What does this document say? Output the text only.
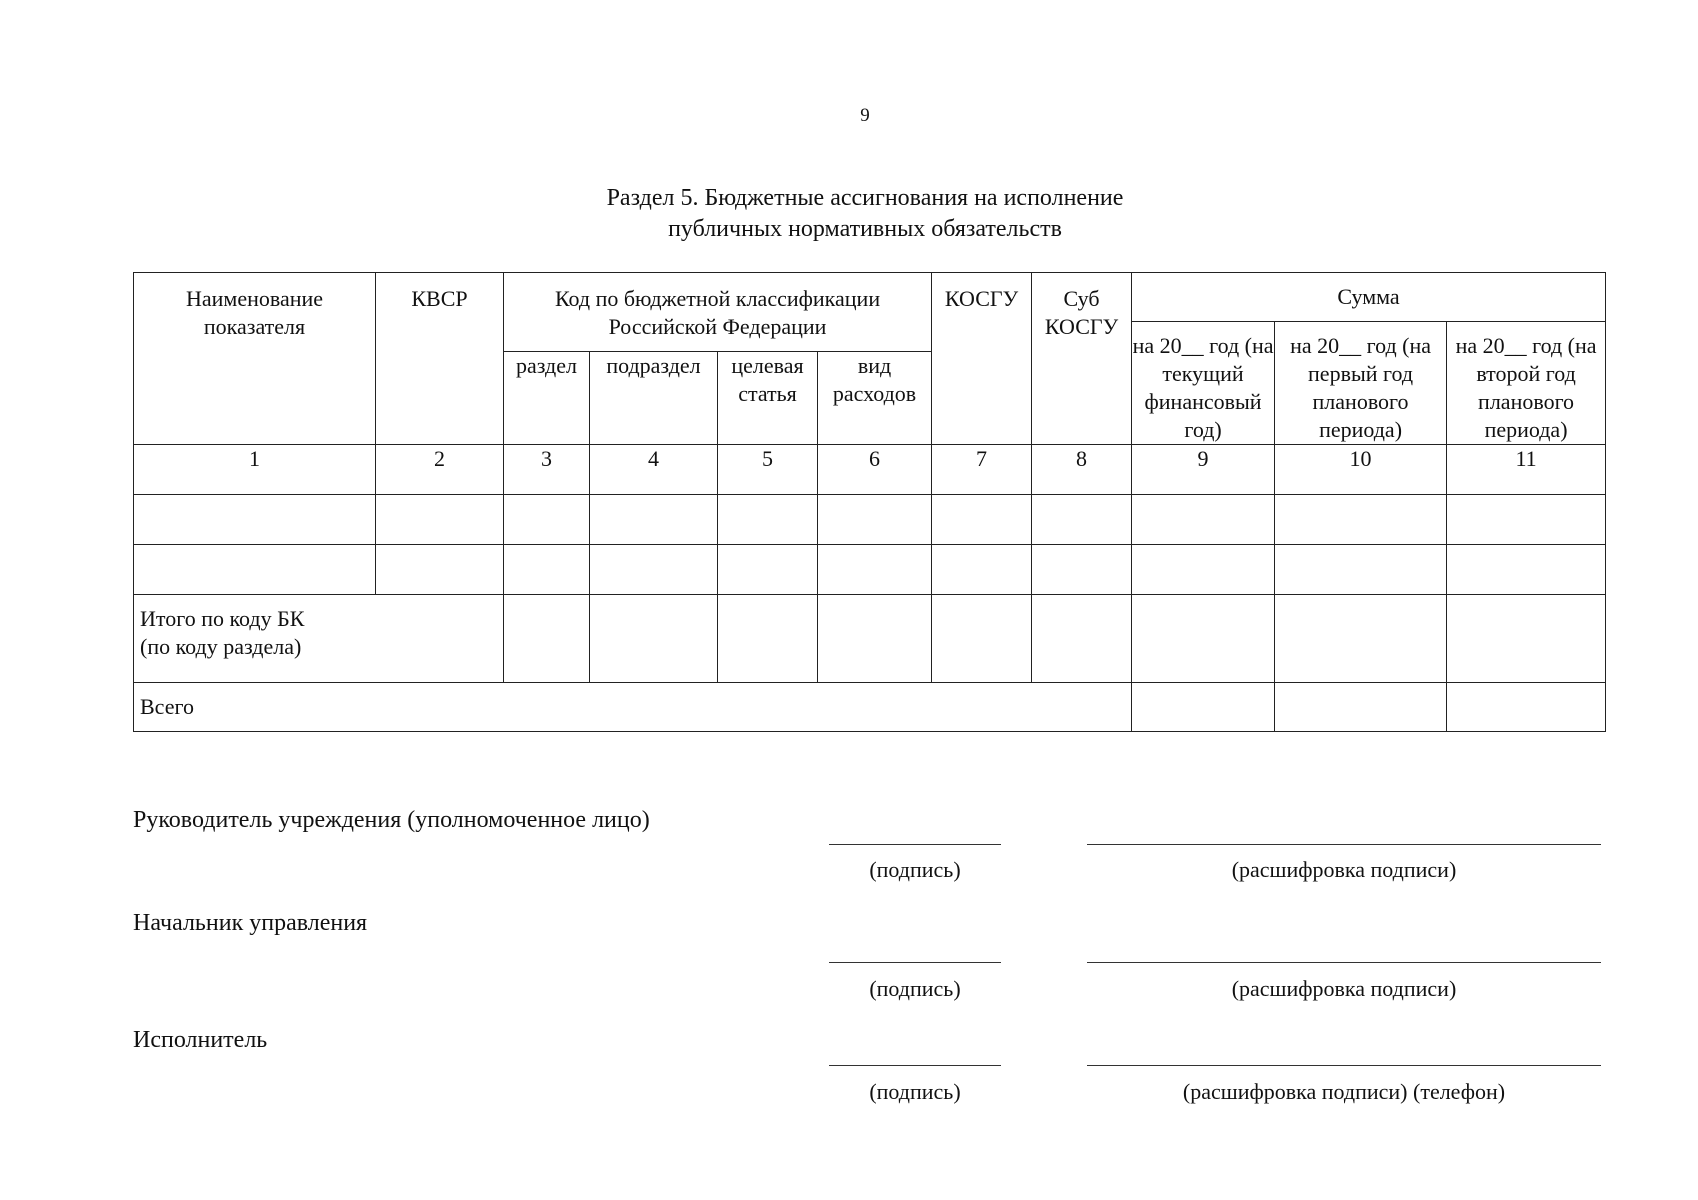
9
Раздел 5. Бюджетные ассигнования на исполнение
публичных нормативных обязательств
Наименование показателя	КВСР	Код по бюджетной классификации Российской Федерации				КОСГУ	Суб КОСГУ	Сумма		
								на 20__ год (на текущий финансовый год)	на 20__ год (на первый год планового периода)	на 20__ год (на второй год планового периода)
		раздел	подраздел	целевая статья	вид расходов					
1	2	3	4	5	6	7	8	9	10	11

Итого по коду БК
(по коду раздела)										
Всего										
Руководитель учреждения (уполномоченное лицо)
(подпись)	(расшифровка подписи)
Начальник управления
(подпись)	(расшифровка подписи)
Исполнитель
(подпись)	(расшифровка подписи) (телефон)
